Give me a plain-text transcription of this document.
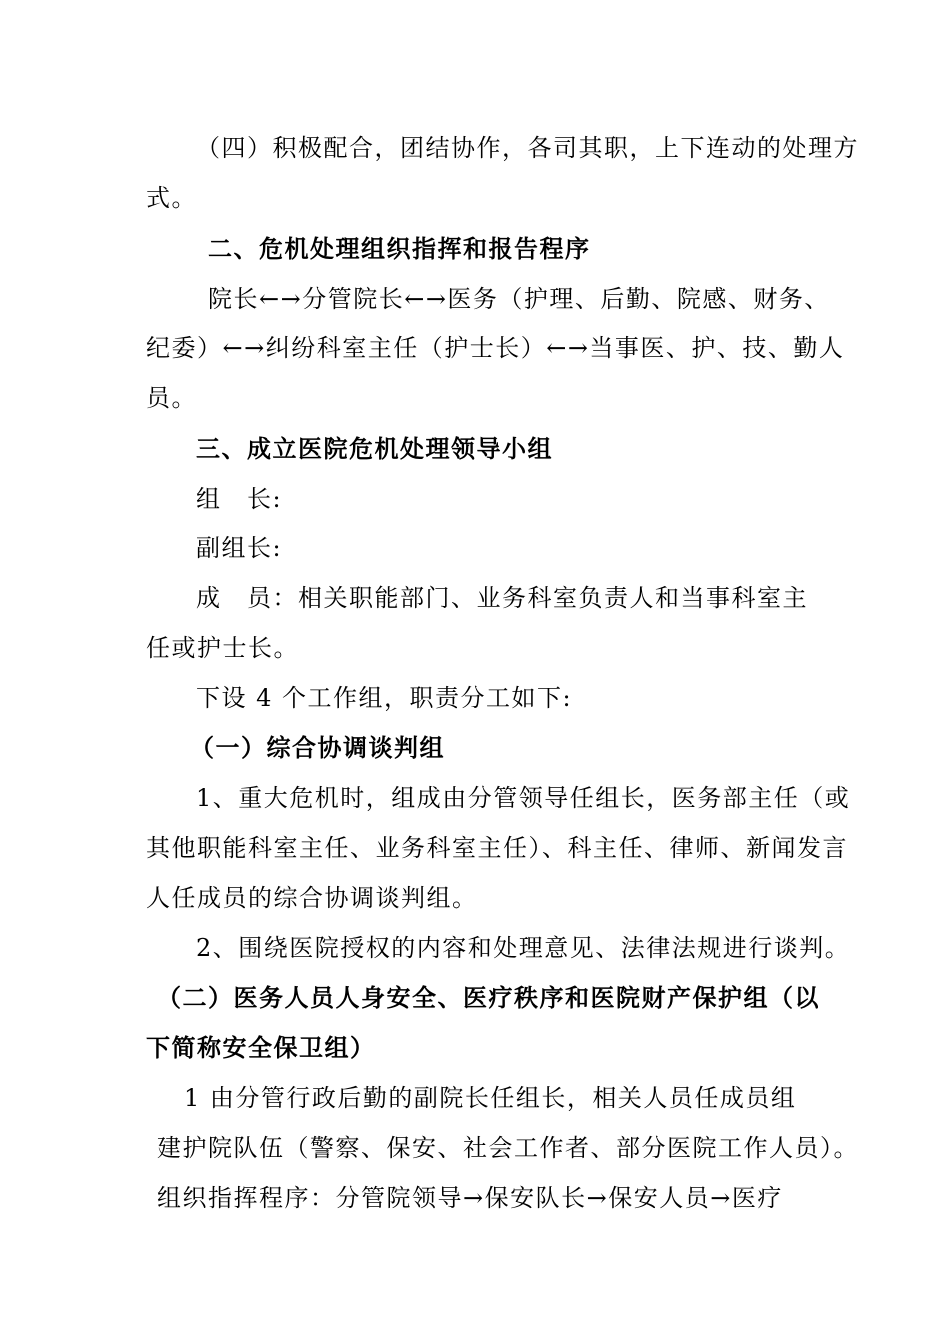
（四）积极配合，团结协作，各司其职，上下连动的处理方
式。
二、危机处理组织指挥和报告程序
院长←→分管院长←→医务（护理、后勤、院感、财务、
纪委）←→纠纷科室主任（护士长）←→当事医、护、技、勤人
员。
三、成立医院危机处理领导小组
组　长:
副组长:
成　员：相关职能部门、业务科室负责人和当事科室主
任或护士长。
下设 4 个工作组，职责分工如下:
（一）综合协调谈判组
1、重大危机时，组成由分管领导任组长，医务部主任（或
其他职能科室主任、业务科室主任）、科主任、律师、新闻发言
人任成员的综合协调谈判组。
2、围绕医院授权的内容和处理意见、法律法规进行谈判。
（二）医务人员人身安全、医疗秩序和医院财产保护组（以
下简称安全保卫组）
1 由分管行政后勤的副院长任组长，相关人员任成员组
建护院队伍（警察、保安、社会工作者、部分医院工作人员）。
组织指挥程序：分管院领导→保安队长→保安人员→医疗
